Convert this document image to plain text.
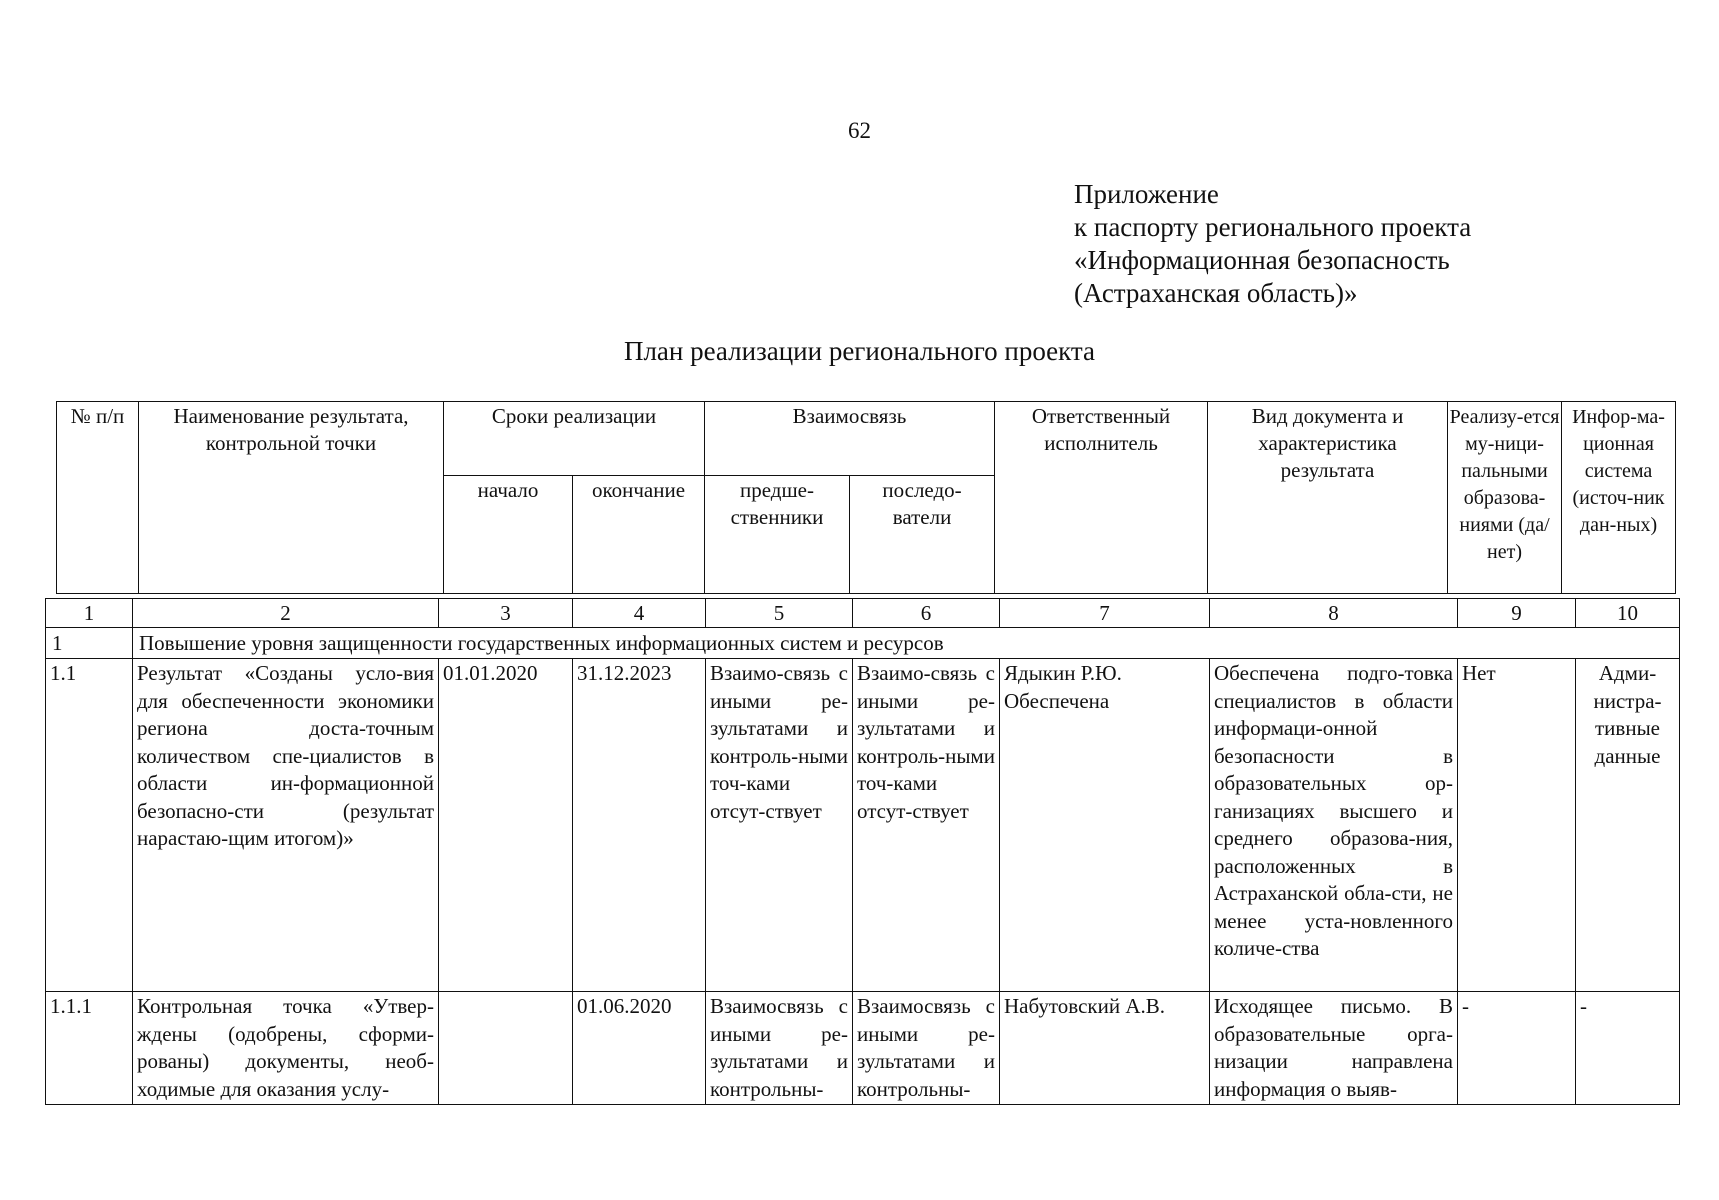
62
Приложение
к паспорту регионального проекта
«Информационная безопасность
(Астраханская область)»
План реализации регионального проекта
№ п/п	Наименование результата, контрольной точки	Сроки реализации		Взаимосвязь		Ответственный исполнитель	Вид документа и характеристика результата	Реализу-ется му-ници-пальными образова-ниями (да/нет)	Инфор-ма-ционная система (источ-ник дан-ных)
		начало	окончание	предше-ственники	последо-ватели				
1	2	3	4	5	6	7	8	9	10
1	Повышение уровня защищенности государственных информационных систем и ресурсов								
1.1	Результат «Созданы усло-вия для обеспеченности экономики региона доста-точным количеством спе-циалистов в области ин-формационной безопасно-сти (результат нарастаю-щим итогом)»	01.01.2020	31.12.2023	Взаимо-связь с иными ре-зультатами и контроль-ными точ-ками отсут-ствует	Взаимо-связь с иными ре-зультатами и контроль-ными точ-ками отсут-ствует	Ядыкин Р.Ю. Обеспечена	Обеспечена подго-товка специалистов в области информаци-онной безопасности в образовательных ор-ганизациях высшего и среднего образова-ния, расположенных в Астраханской обла-сти, не менее уста-новленного количе-ства	Нет	Адми-нистра-тивные данные
1.1.1	Контрольная точка «Утвер-ждены (одобрены, сформи-рованы) документы, необ-ходимые для оказания услу-		01.06.2020	Взаимосвязь с иными ре-зультатами и контрольны-	Взаимосвязь с иными ре-зультатами и контрольны-	Набутовский А.В.	Исходящее письмо. В образовательные орга-низации направлена информация о выяв-	-	-
